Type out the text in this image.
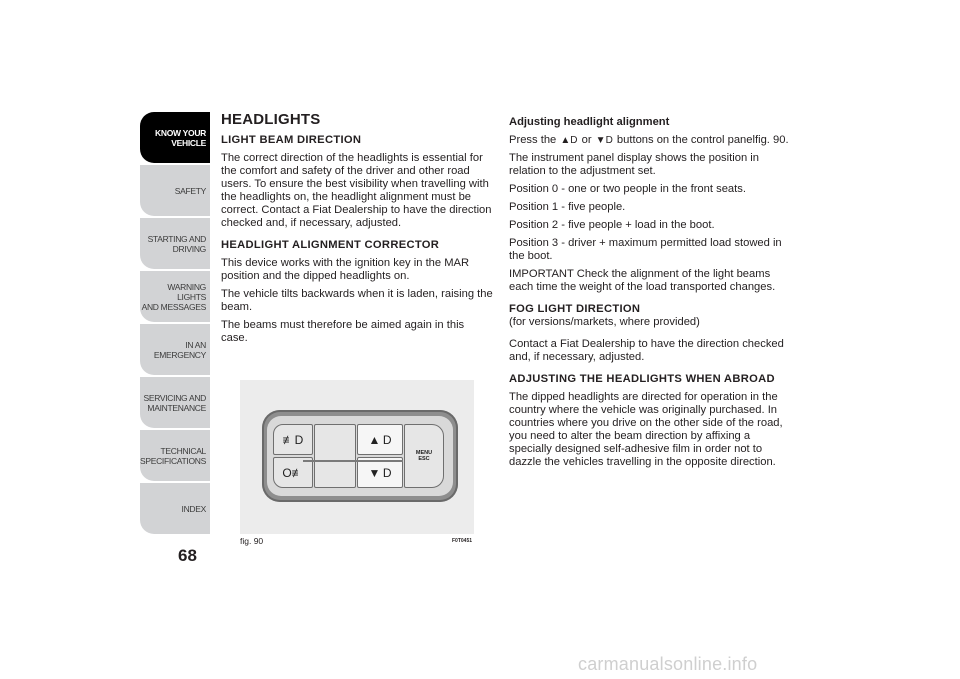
KNOW YOUR
VEHICLE
SAFETY
STARTING AND
DRIVING
WARNING LIGHTS
AND MESSAGES
IN AN EMERGENCY
SERVICING AND
MAINTENANCE
TECHNICAL
SPECIFICATIONS
INDEX
68
HEADLIGHTS
LIGHT BEAM DIRECTION

The correct direction of the headlights is essential for the comfort and safety of the driver and other road users. To ensure the best visibility when travelling with the headlights on, the headlight alignment must be correct. Contact a Fiat Dealership to have the direction checked and, if necessary, adjusted.

HEADLIGHT ALIGNMENT CORRECTOR

This device works with the ignition key in the MAR position and the dipped headlights on.

The vehicle tilts backwards when it is laden, raising the beam.

The beams must therefore be aimed again in this case.

≢D
O≢
▲
  D
▼
  D
MENU
ESC
fig. 90	F0T0451
Adjusting headlight alignment

Press the ▲D or ▼D buttons on the control panelfig. 90.

The instrument panel display shows the position in relation to the adjustment set.

Position 0 - one or two people in the front seats.

Position 1 - five people.

Position 2 - five people + load in the boot.

Position 3 - driver + maximum permitted load stowed in the boot.

IMPORTANT Check the alignment of the light beams each time the weight of the load transported changes.

FOG LIGHT DIRECTION

(for versions/markets, where provided)

Contact a Fiat Dealership to have the direction checked and, if necessary, adjusted.

ADJUSTING THE HEADLIGHTS WHEN ABROAD

The dipped headlights are directed for operation in the country where the vehicle was originally purchased. In countries where you drive on the other side of the road, you need to alter the beam direction by affixing a specially designed self-adhesive film in order not to dazzle the vehicles travelling in the opposite direction.

carmanualsonline.info
